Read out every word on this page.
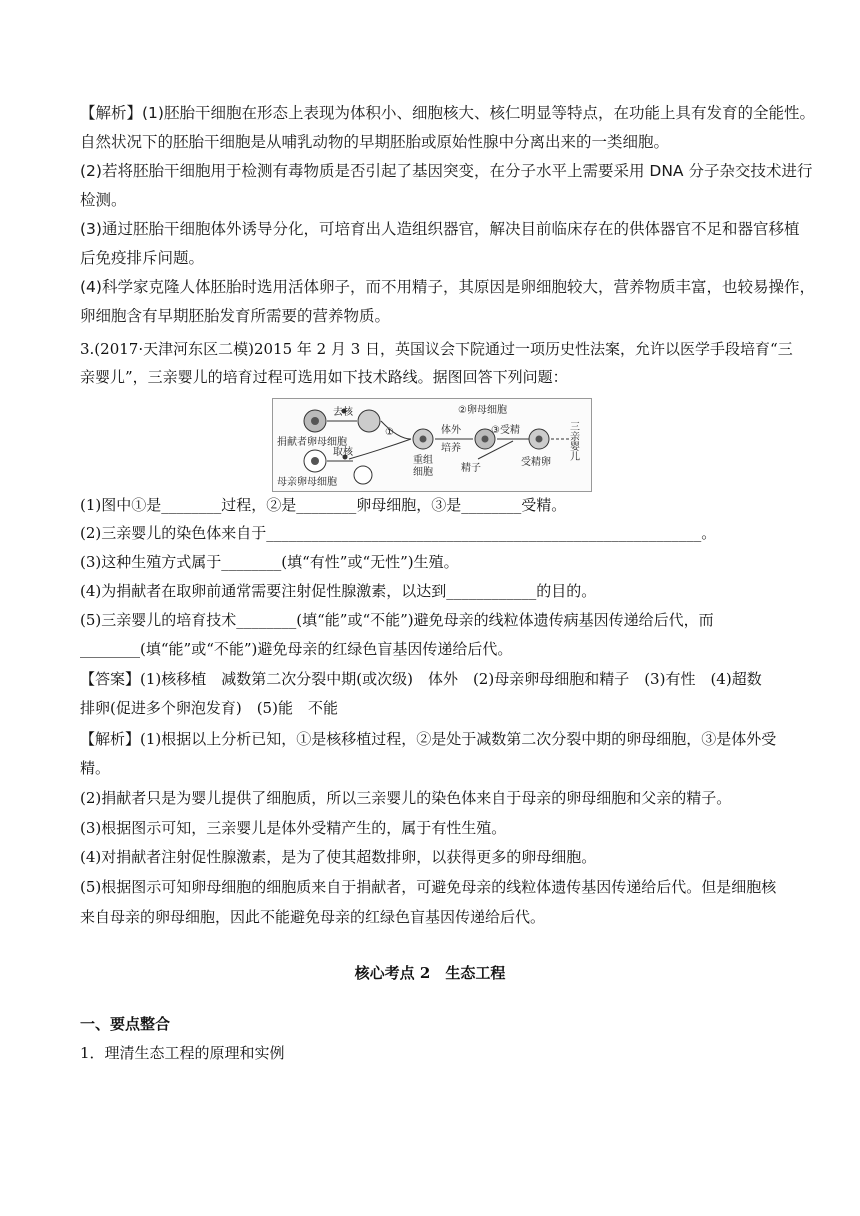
【解析】(1)胚胎干细胞在形态上表现为体积小、细胞核大、核仁明显等特点，在功能上具有发育的全能性。
自然状况下的胚胎干细胞是从哺乳动物的早期胚胎或原始性腺中分离出来的一类细胞。
(2)若将胚胎干细胞用于检测有毒物质是否引起了基因突变，在分子水平上需要采用 DNA 分子杂交技术进行
检测。
(3)通过胚胎干细胞体外诱导分化，可培育出人造组织器官，解决目前临床存在的供体器官不足和器官移植
后免疫排斥问题。
(4)科学家克隆人体胚胎时选用活体卵子，而不用精子，其原因是卵细胞较大，营养物质丰富，也较易操作，
卵细胞含有早期胚胎发育所需要的营养物质。
3.(2017·天津河东区二模)2015 年 2 月 3 日，英国议会下院通过一项历史性法案，允许以医学手段培育“三
亲婴儿”，三亲婴儿的培育过程可选用如下技术路线。据图回答下列问题：
去核
捐献者卵母细胞
取核
母亲卵母细胞
①
重组
细胞
体外
培养
②卵母细胞
③受精
精子
受精卵
三亲婴儿
(1)图中①是________过程，②是________卵母细胞，③是________受精。
(2)三亲婴儿的染色体来自于__________________________________________________________。
(3)这种生殖方式属于________(填“有性”或“无性”)生殖。
(4)为捐献者在取卵前通常需要注射促性腺激素，以达到____________的目的。
(5)三亲婴儿的培育技术________(填“能”或“不能”)避免母亲的线粒体遗传病基因传递给后代，而
________(填“能”或“不能”)避免母亲的红绿色盲基因传递给后代。
【答案】(1)核移植　减数第二次分裂中期(或次级)　体外　(2)母亲卵母细胞和精子　(3)有性　(4)超数
排卵(促进多个卵泡发育)　(5)能　不能
【解析】(1)根据以上分析已知，①是核移植过程，②是处于减数第二次分裂中期的卵母细胞，③是体外受
精。
(2)捐献者只是为婴儿提供了细胞质，所以三亲婴儿的染色体来自于母亲的卵母细胞和父亲的精子。
(3)根据图示可知，三亲婴儿是体外受精产生的，属于有性生殖。
(4)对捐献者注射促性腺激素，是为了使其超数排卵，以获得更多的卵母细胞。
(5)根据图示可知卵母细胞的细胞质来自于捐献者，可避免母亲的线粒体遗传基因传递给后代。但是细胞核
来自母亲的卵母细胞，因此不能避免母亲的红绿色盲基因传递给后代。
核心考点 2　生态工程
一、要点整合
1．理清生态工程的原理和实例
